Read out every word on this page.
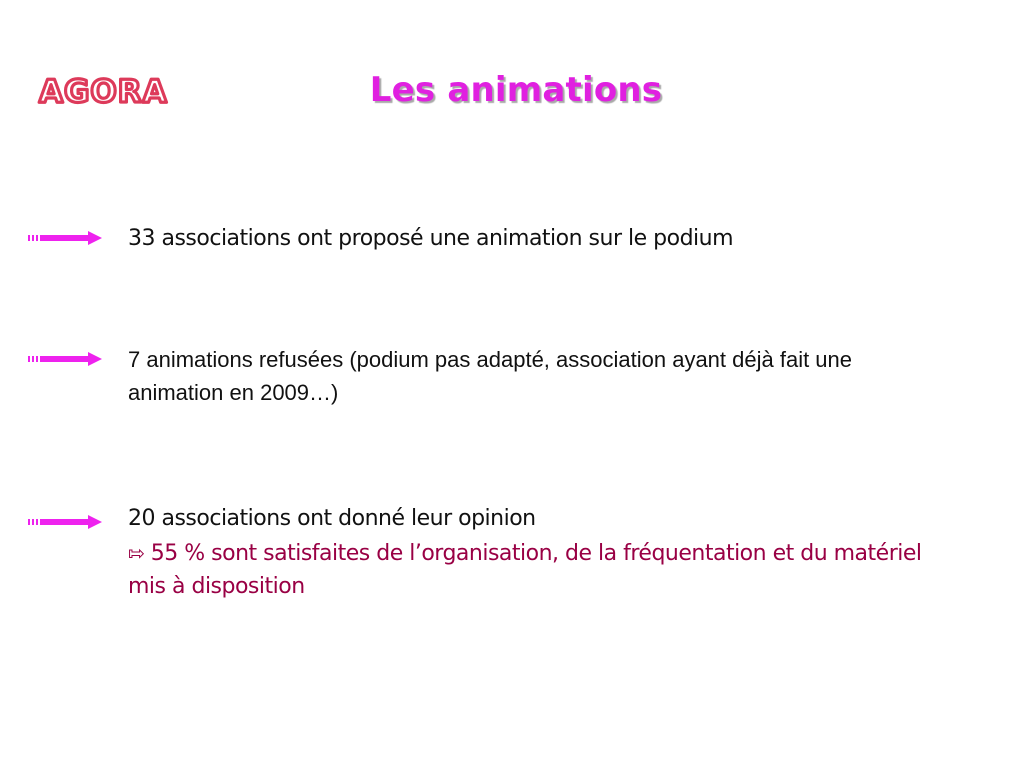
AGORA	Les animations
33 associations ont proposé une animation sur le podium
7 animations refusées (podium pas adapté, association ayant déjà fait une animation en 2009…)
20 associations ont donné leur opinion
⇰ 55 % sont satisfaites de l’organisation, de la fréquentation et du matériel mis à disposition
